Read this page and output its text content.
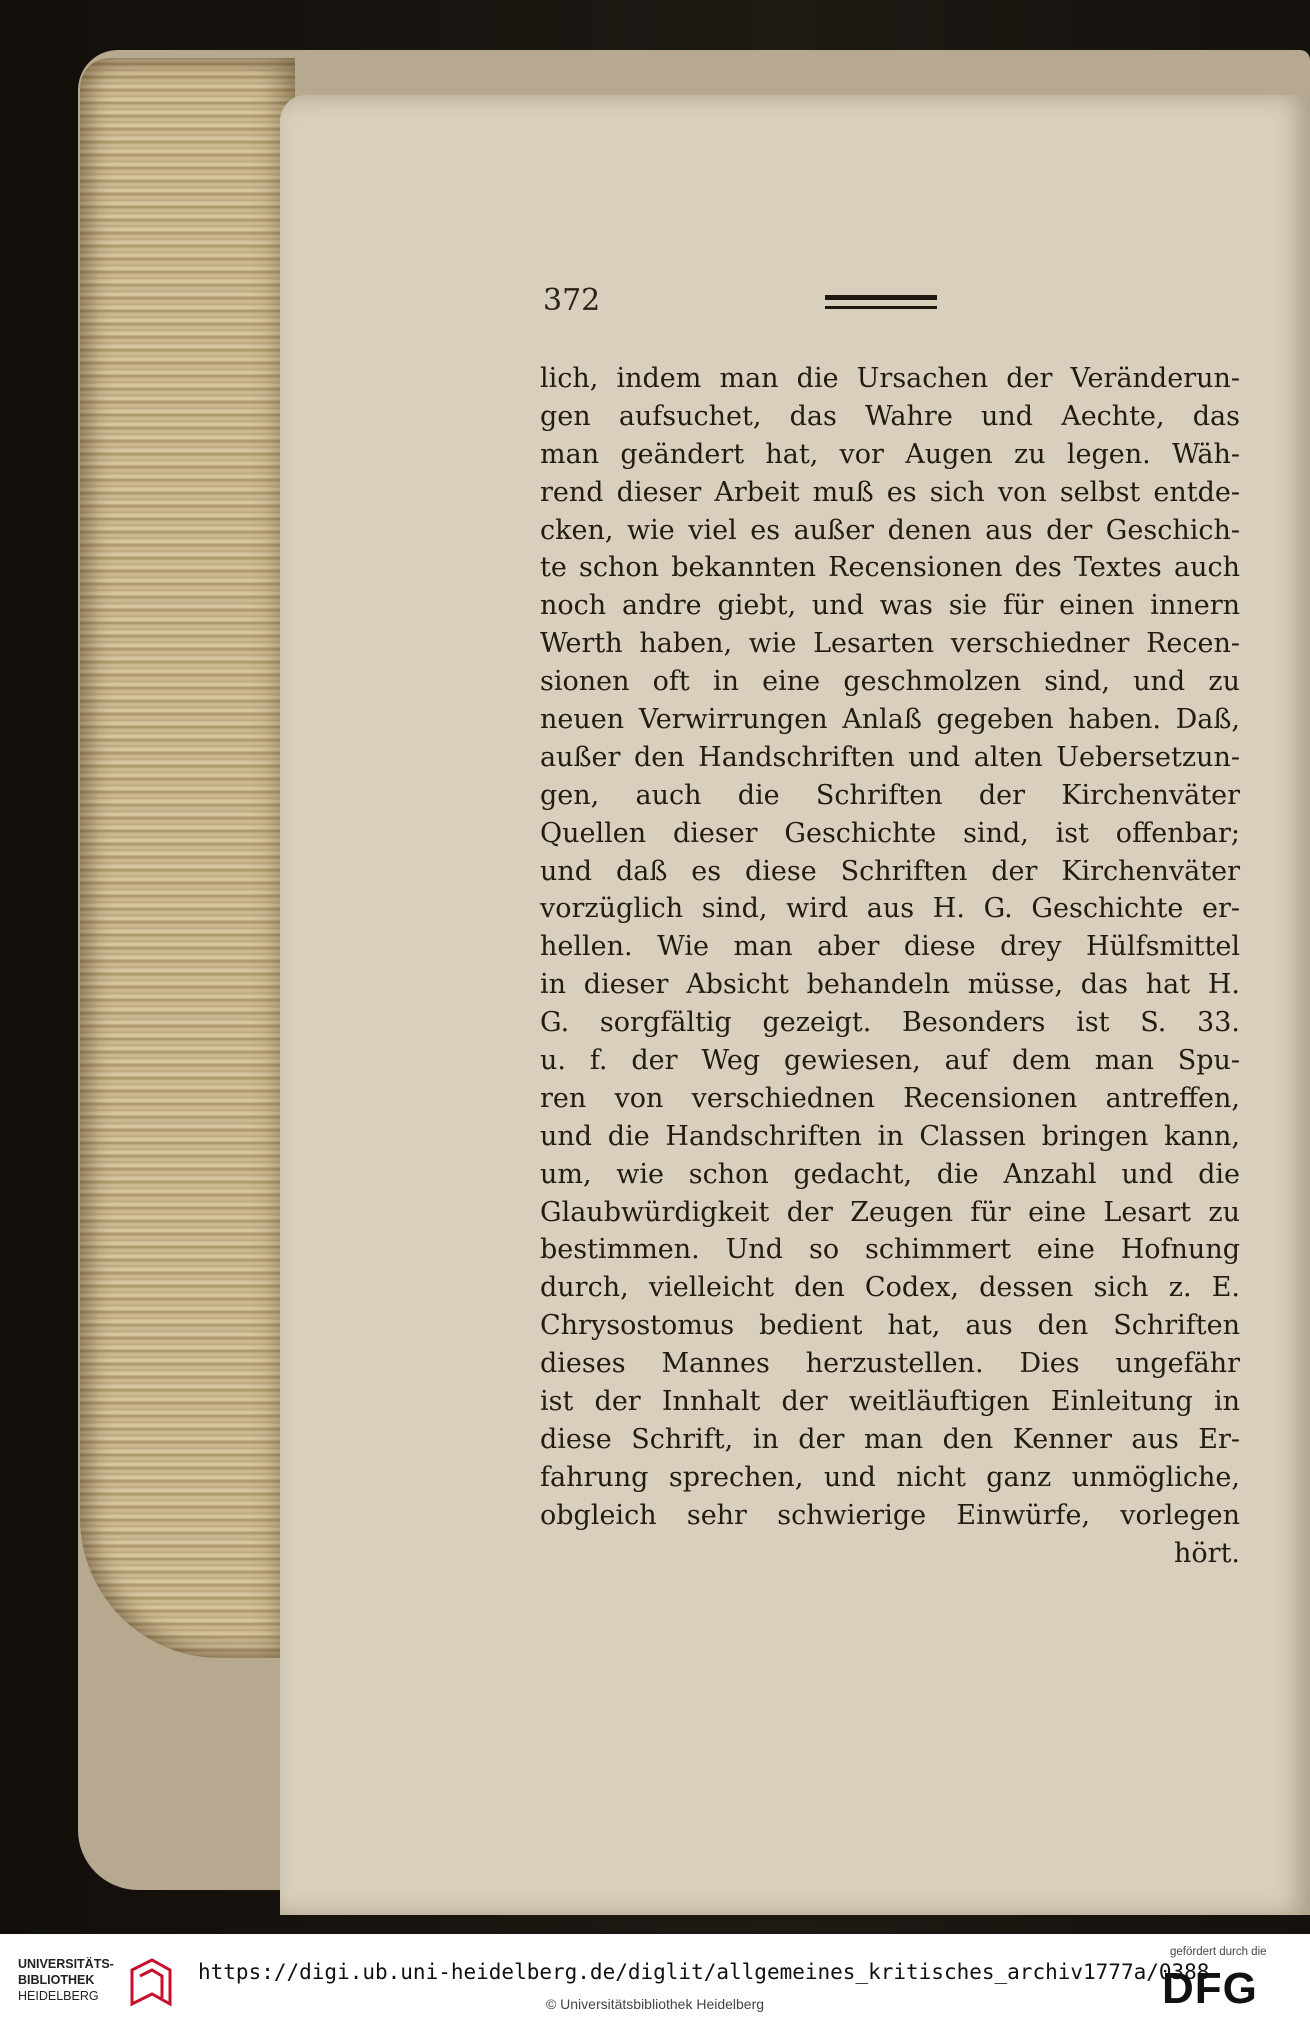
372
lich, indem man die Ursachen der Veränderun-
gen aufsuchet, das Wahre und Aechte, das
man geändert hat, vor Augen zu legen. Wäh-
rend dieser Arbeit muß es sich von selbst entde-
cken, wie viel es außer denen aus der Geschich-
te schon bekannten Recensionen des Textes auch
noch andre giebt, und was sie für einen innern
Werth haben, wie Lesarten verschiedner Recen-
sionen oft in eine geschmolzen sind, und zu
neuen Verwirrungen Anlaß gegeben haben. Daß,
außer den Handschriften und alten Uebersetzun-
gen, auch die Schriften der Kirchenväter
Quellen dieser Geschichte sind, ist offenbar;
und daß es diese Schriften der Kirchenväter
vorzüglich sind, wird aus H. G. Geschichte er-
hellen. Wie man aber diese drey Hülfsmittel
in dieser Absicht behandeln müsse, das hat H.
G. sorgfältig gezeigt. Besonders ist S. 33.
u. f. der Weg gewiesen, auf dem man Spu-
ren von verschiednen Recensionen antreffen,
und die Handschriften in Classen bringen kann,
um, wie schon gedacht, die Anzahl und die
Glaubwürdigkeit der Zeugen für eine Lesart zu
bestimmen. Und so schimmert eine Hofnung
durch, vielleicht den Codex, dessen sich z. E.
Chrysostomus bedient hat, aus den Schriften
dieses Mannes herzustellen. Dies ungefähr
ist der Innhalt der weitläuftigen Einleitung in
diese Schrift, in der man den Kenner aus Er-
fahrung sprechen, und nicht ganz unmögliche,
obgleich sehr schwierige Einwürfe, vorlegen
hört.
UNIVERSITÄTS-
BIBLIOTHEK
HEIDELBERG
https://digi.ub.uni-heidelberg.de/diglit/allgemeines_kritisches_archiv1777a/0388
© Universitätsbibliothek Heidelberg
gefördert durch die
DFG
